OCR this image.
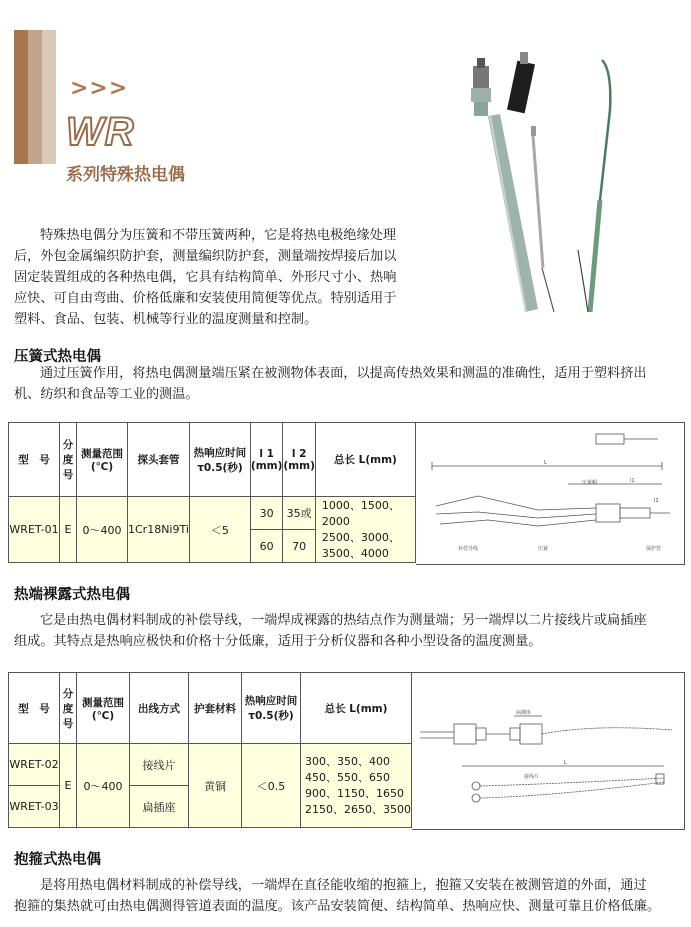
>>>
WR
系列特殊热电偶
特殊热电偶分为压簧和不带压簧两种，它是将热电极绝缘处理
后，外包金属编织防护套，测量编织防护套，测量端按焊接后加以
固定装置组成的各种热电偶，它具有结构简单、外形尺寸小、热响
应快、可自由弯曲、价格低廉和安装使用简便等优点。特别适用于
塑料、食品、包装、机械等行业的温度测量和控制。
压簧式热电偶
通过压簧作用，将热电偶测量端压紧在被测物体表面，以提高传热效果和测温的准确性，适用于塑料挤出
机、纺织和食品等工业的测温。
型　号	分度号	测量范围(℃)	探头套管	热响应时间τ0.5(秒)	l 1 (mm)	l 2 (mm)	总长 L(mm)
WRET-01	E	0～400	1Cr18Ni9Ti	＜5	30	35或	1000、1500、2000
2500、3000、
3500、4000

					60	70	
L
l1
l2
保护管
压簧
补偿导线
压簧帽
热端裸露式热电偶
它是由热电偶材料制成的补偿导线，一端焊成裸露的热结点作为测量端；另一端焊以二片接线片或扁插座
组成。其特点是热响应极快和价格十分低廉，适用于分析仪器和各种小型设备的温度测量。
型　号	分度号	测量范围(℃)	出线方式	护套材料	热响应时间τ0.5(秒)	总长 L(mm)
WRET-02	E	0～400	接线片	黄铜	＜0.5	300、350、400
450、550、650
900、1150、1650
2150、2650、3500

WRET-03			扁插座			
扁插座
接线片
L
抱箍式热电偶
是将用热电偶材料制成的补偿导线，一端焊在直径能收缩的抱箍上，抱箍又安装在被测管道的外面，通过
抱箍的集热就可由热电偶测得管道表面的温度。该产品安装简便、结构简单、热响应快、测量可靠且价格低廉。
